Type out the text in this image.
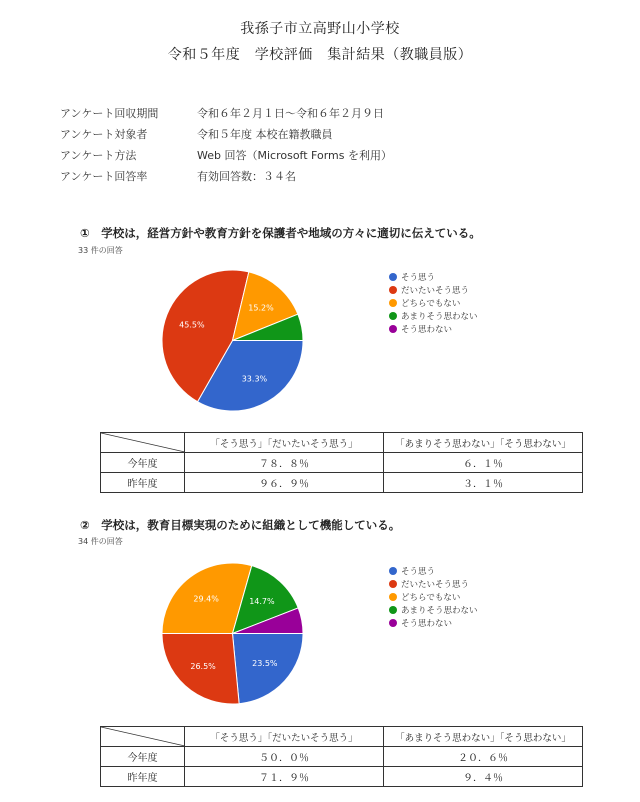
我孫子市立高野山小学校
令和５年度　学校評価　集計結果（教職員版）
アンケート回収期間	令和６年２月１日～令和６年２月９日
アンケート対象者	令和５年度 本校在籍教職員
アンケート方法	Web 回答（Microsoft Forms を利用）
アンケート回答率	有効回答数：３４名
①　学校は，経営方針や教育方針を保護者や地域の方々に適切に伝えている。
33 件の回答
33.3%
45.5%
15.2%
そう思う
だいたいそう思う
どちらでもない
あまりそう思わない
そう思わない
	「そう思う」「だいたいそう思う」	「あまりそう思わない」「そう思わない」
今年度	７８．８％	６．１％
昨年度	９６．９％	３．１％
②　学校は，教育目標実現のために組織として機能している。
34 件の回答
23.5%
26.5%
29.4%	14.7%
そう思う
だいたいそう思う
どちらでもない
あまりそう思わない
そう思わない
	「そう思う」「だいたいそう思う」	「あまりそう思わない」「そう思わない」
今年度	５０．０％	２０．６％
昨年度	７１．９％	９．４％
